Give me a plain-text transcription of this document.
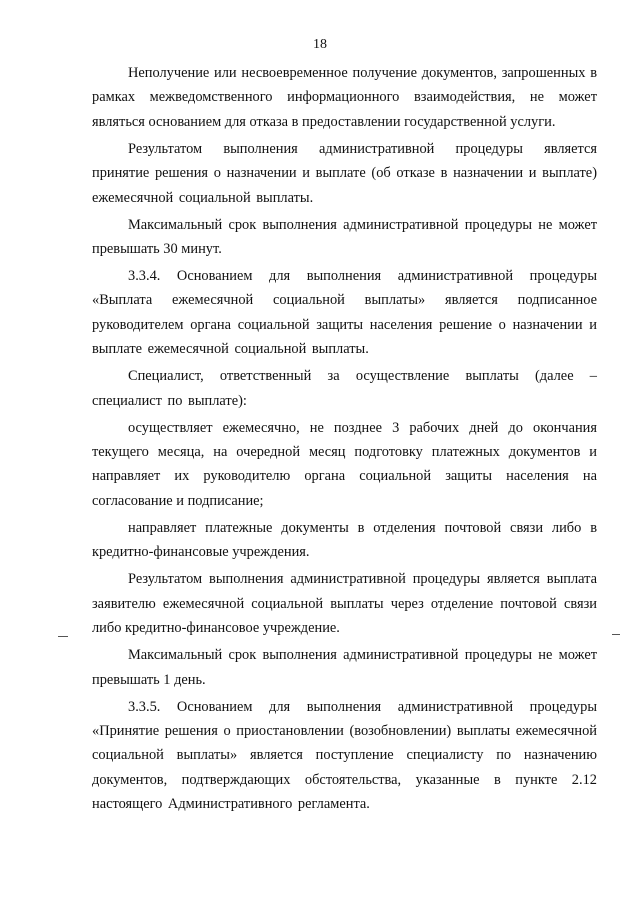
18

Неполучение или несвоевременное получение документов, запрошенных в рамках межведомственного информационного взаимодействия, не может являться основанием для отказа в предоставлении государственной услуги.

Результатом выполнения административной процедуры является принятие решения о назначении и выплате (об отказе в назначении и выплате) ежемесячной социальной выплаты.

Максимальный срок выполнения административной процедуры не может превышать 30 минут.

3.3.4. Основанием для выполнения административной процедуры «Выплата ежемесячной социальной выплаты» является подписанное руководителем органа социальной защиты населения решение о назначении и выплате ежемесячной социальной выплаты.

Специалист, ответственный за осуществление выплаты (далее – специалист по выплате):

осуществляет ежемесячно, не позднее 3 рабочих дней до окончания текущего месяца, на очередной месяц подготовку платежных документов и направляет их руководителю органа социальной защиты населения на согласование и подписание;

направляет платежные документы в отделения почтовой связи либо в кредитно-финансовые учреждения.

Результатом выполнения административной процедуры является выплата заявителю ежемесячной социальной выплаты через отделение почтовой связи либо кредитно-финансовое учреждение.

Максимальный срок выполнения административной процедуры не может превышать 1 день.

3.3.5. Основанием для выполнения административной процедуры «Принятие решения о приостановлении (возобновлении) выплаты ежемесячной социальной выплаты» является поступление специалисту по назначению документов, подтверждающих обстоятельства, указанные в пункте 2.12 настоящего Административного регламента.
